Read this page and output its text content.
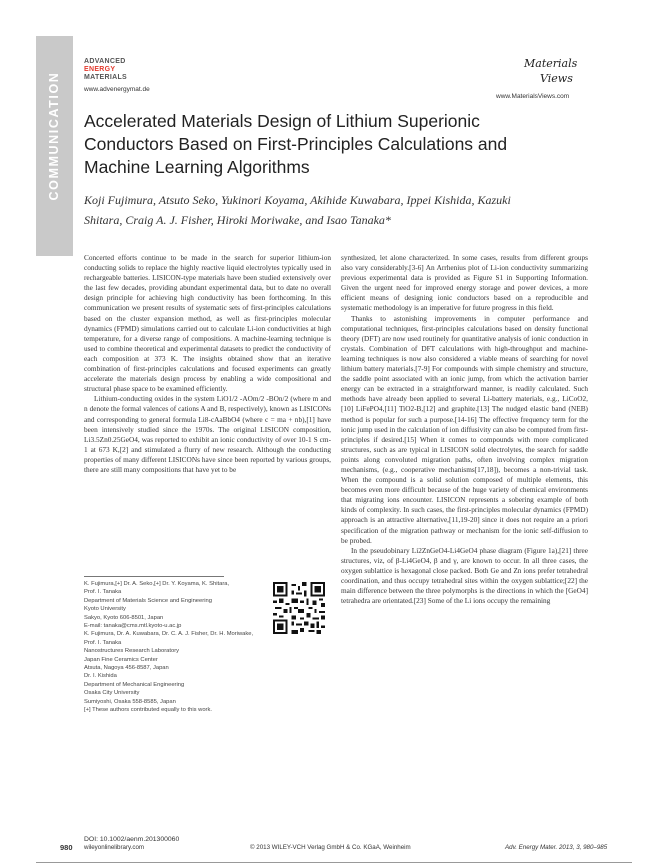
COMMUNICATION
ADVANCED
ENERGY
MATERIALS
www.advenergymat.de
Materials
Views
www.MaterialsViews.com
Accelerated Materials Design of Lithium Superionic Conductors Based on First-Principles Calculations and Machine Learning Algorithms
Koji Fujimura, Atsuto Seko, Yukinori Koyama, Akihide Kuwabara, Ippei Kishida, Kazuki Shitara, Craig A. J. Fisher, Hiroki Moriwake, and Isao Tanaka*

Concerted efforts continue to be made in the search for superior lithium-ion conducting solids to replace the highly reactive liquid electrolytes typically used in rechargeable batteries. LISICON-type materials have been studied extensively over the last few decades, providing abundant experimental data, but to date no overall design principle for achieving high conductivity has been forthcoming. In this communication we present results of systematic sets of first-principles calculations based on the cluster expansion method, as well as first-principles molecular dynamics (FPMD) simulations carried out to calculate Li-ion conductivities at high temperature, for a diverse range of compositions. A machine-learning technique is used to combine theoretical and experimental datasets to predict the conductivity of each composition at 373 K. The insights obtained show that an iterative combination of first-principles calculations and focused experiments can greatly accelerate the materials design process by enabling a wide compositional and structural phase space to be examined efficiently.

Lithium-conducting oxides in the system LiO1/2 -AOm/2 -BOn/2 (where m and n denote the formal valences of cations A and B, respectively), known as LISICONs and corresponding to general formula Li8-cAaBbO4 (where c = ma + nb),[1] have been intensively studied since the 1970s. The original LISICON composition, Li3.5Zn0.25GeO4, was reported to exhibit an ionic conductivity of over 10-1 S cm-1 at 673 K,[2] and stimulated a flurry of new research. Although the conducting properties of many different LISICONs have since been reported by various groups, there are still many compositions that have yet to be

synthesized, let alone characterized. In some cases, results from different groups also vary considerably.[3-6] An Arrhenius plot of Li-ion conductivity summarizing previous experimental data is provided as Figure S1 in Supporting Information. Given the urgent need for improved energy storage and power devices, a more efficient means of designing ionic conductors based on a reproducible and systematic methodology is an imperative for future progress in this field.

Thanks to astonishing improvements in computer performance and computational techniques, first-principles calculations based on density functional theory (DFT) are now used routinely for quantitative analysis of ionic conduction in crystals. Combination of DFT calculations with high-throughput and machine-learning techniques is now also considered a viable means of searching for novel lithium battery materials.[7-9] For compounds with simple chemistry and structure, the saddle point associated with an ionic jump, from which the activation barrier energy can be extracted in a straightforward manner, is readily calculated. Such methods have already been applied to several Li-battery materials, e.g., LiCoO2,[10] LiFePO4,[11] TiO2-B,[12] and graphite.[13] The nudged elastic band (NEB) method is popular for such a purpose.[14-16] The effective frequency term for the ionic jump used in the calculation of ion diffusivity can also be computed from first-principles if desired.[15] When it comes to compounds with more complicated structures, such as are typical in LISICON solid electrolytes, the search for saddle points along convoluted migration paths, often involving complex migration mechanisms, (e.g., cooperative mechanisms[17,18]), becomes a non-trivial task. When the compound is a solid solution composed of multiple elements, this becomes even more difficult because of the huge variety of chemical environments that migrating ions encounter. LISICON represents a sobering example of both kinds of complexity. In such cases, the first-principles molecular dynamics (FPMD) approach is an attractive alternative,[11,19-20] since it does not require an a priori specification of the migration pathway or mechanism for the ionic self-diffusion to be probed.

In the pseudobinary Li2ZnGeO4-Li4GeO4 phase diagram (Figure 1a),[21] three structures, viz, of β-Li4GeO4, β and γ, are known to occur. In all three cases, the oxygen sublattice is hexagonal close packed. Both Ge and Zn ions prefer tetrahedral coordination, and thus occupy tetrahedral sites within the oxygen sublattice;[22] the main difference between the three polymorphs is the directions in which the [GeO4] tetrahedra are orientated.[23] Some of the Li ions occupy the remaining

K. Fujimura,[+] Dr. A. Seko,[+] Dr. Y. Koyama, K. Shitara,
Prof. I. Tanaka
Department of Materials Science and Engineering
Kyoto University
Sakyo, Kyoto 606-8501, Japan
E-mail: tanaka@cms.mtl.kyoto-u.ac.jp
K. Fujimura, Dr. A. Kuwabara, Dr. C. A. J. Fisher, Dr. H. Moriwake,
Prof. I. Tanaka
Nanostructures Research Laboratory
Japan Fine Ceramics Center
Atsuta, Nagoya 456-8587, Japan
Dr. I. Kishida
Department of Mechanical Engineering
Osaka City University
Sumiyoshi, Osaka 558-8585, Japan
[+] These authors contributed equally to this work.
DOI: 10.1002/aenm.201300060
980 wileyonlinelibrary.com	© 2013 WILEY-VCH Verlag GmbH & Co. KGaA, Weinheim	Adv. Energy Mater. 2013, 3, 980–985
